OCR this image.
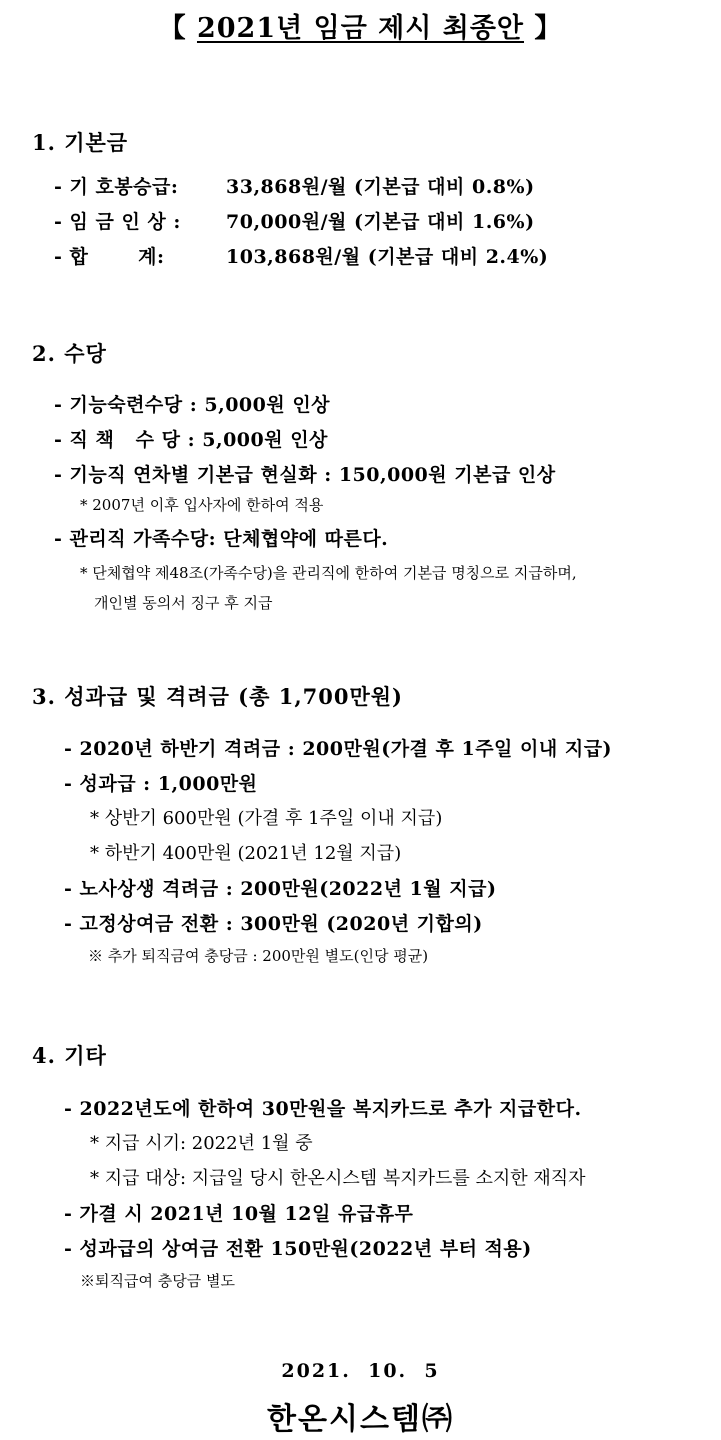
【 2021년 임금 제시 최종안 】
1. 기본금
- 기 호봉승급:	33,868원/월 (기본급 대비 0.8%)
- 임 금 인 상 : 70,000원/월 (기본급 대비 1.6%)
- 합       계:	103,868원/월 (기본급 대비 2.4%)
2. 수당
- 기능숙련수당 : 5,000원 인상
- 직 책   수 당 : 5,000원 인상
- 기능직 연차별 기본급 현실화 : 150,000원 기본급 인상
* 2007년 이후 입사자에 한하여 적용
- 관리직 가족수당: 단체협약에 따른다.
* 단체협약 제48조(가족수당)을 관리직에 한하여 기본급 명칭으로 지급하며,
개인별 동의서 징구 후 지급
3. 성과급 및 격려금 (총 1,700만원)
- 2020년 하반기 격려금 : 200만원(가결 후 1주일 이내 지급)
- 성과급 : 1,000만원
* 상반기 600만원 (가결 후 1주일 이내 지급)
* 하반기 400만원 (2021년 12월 지급)
- 노사상생 격려금 : 200만원(2022년 1월 지급)
- 고정상여금 전환 : 300만원 (2020년 기합의)
※ 추가 퇴직금여 충당금 : 200만원 별도(인당 평균)
4. 기타
- 2022년도에 한하여 30만원을 복지카드로 추가 지급한다.
* 지급 시기: 2022년 1월 중
* 지급 대상: 지급일 당시 한온시스템 복지카드를 소지한 재직자
- 가결 시 2021년 10월 12일 유급휴무
- 성과급의 상여금 전환 150만원(2022년 부터 적용)
※퇴직급여 충당금 별도
2021.  10.  5
한온시스템㈜
